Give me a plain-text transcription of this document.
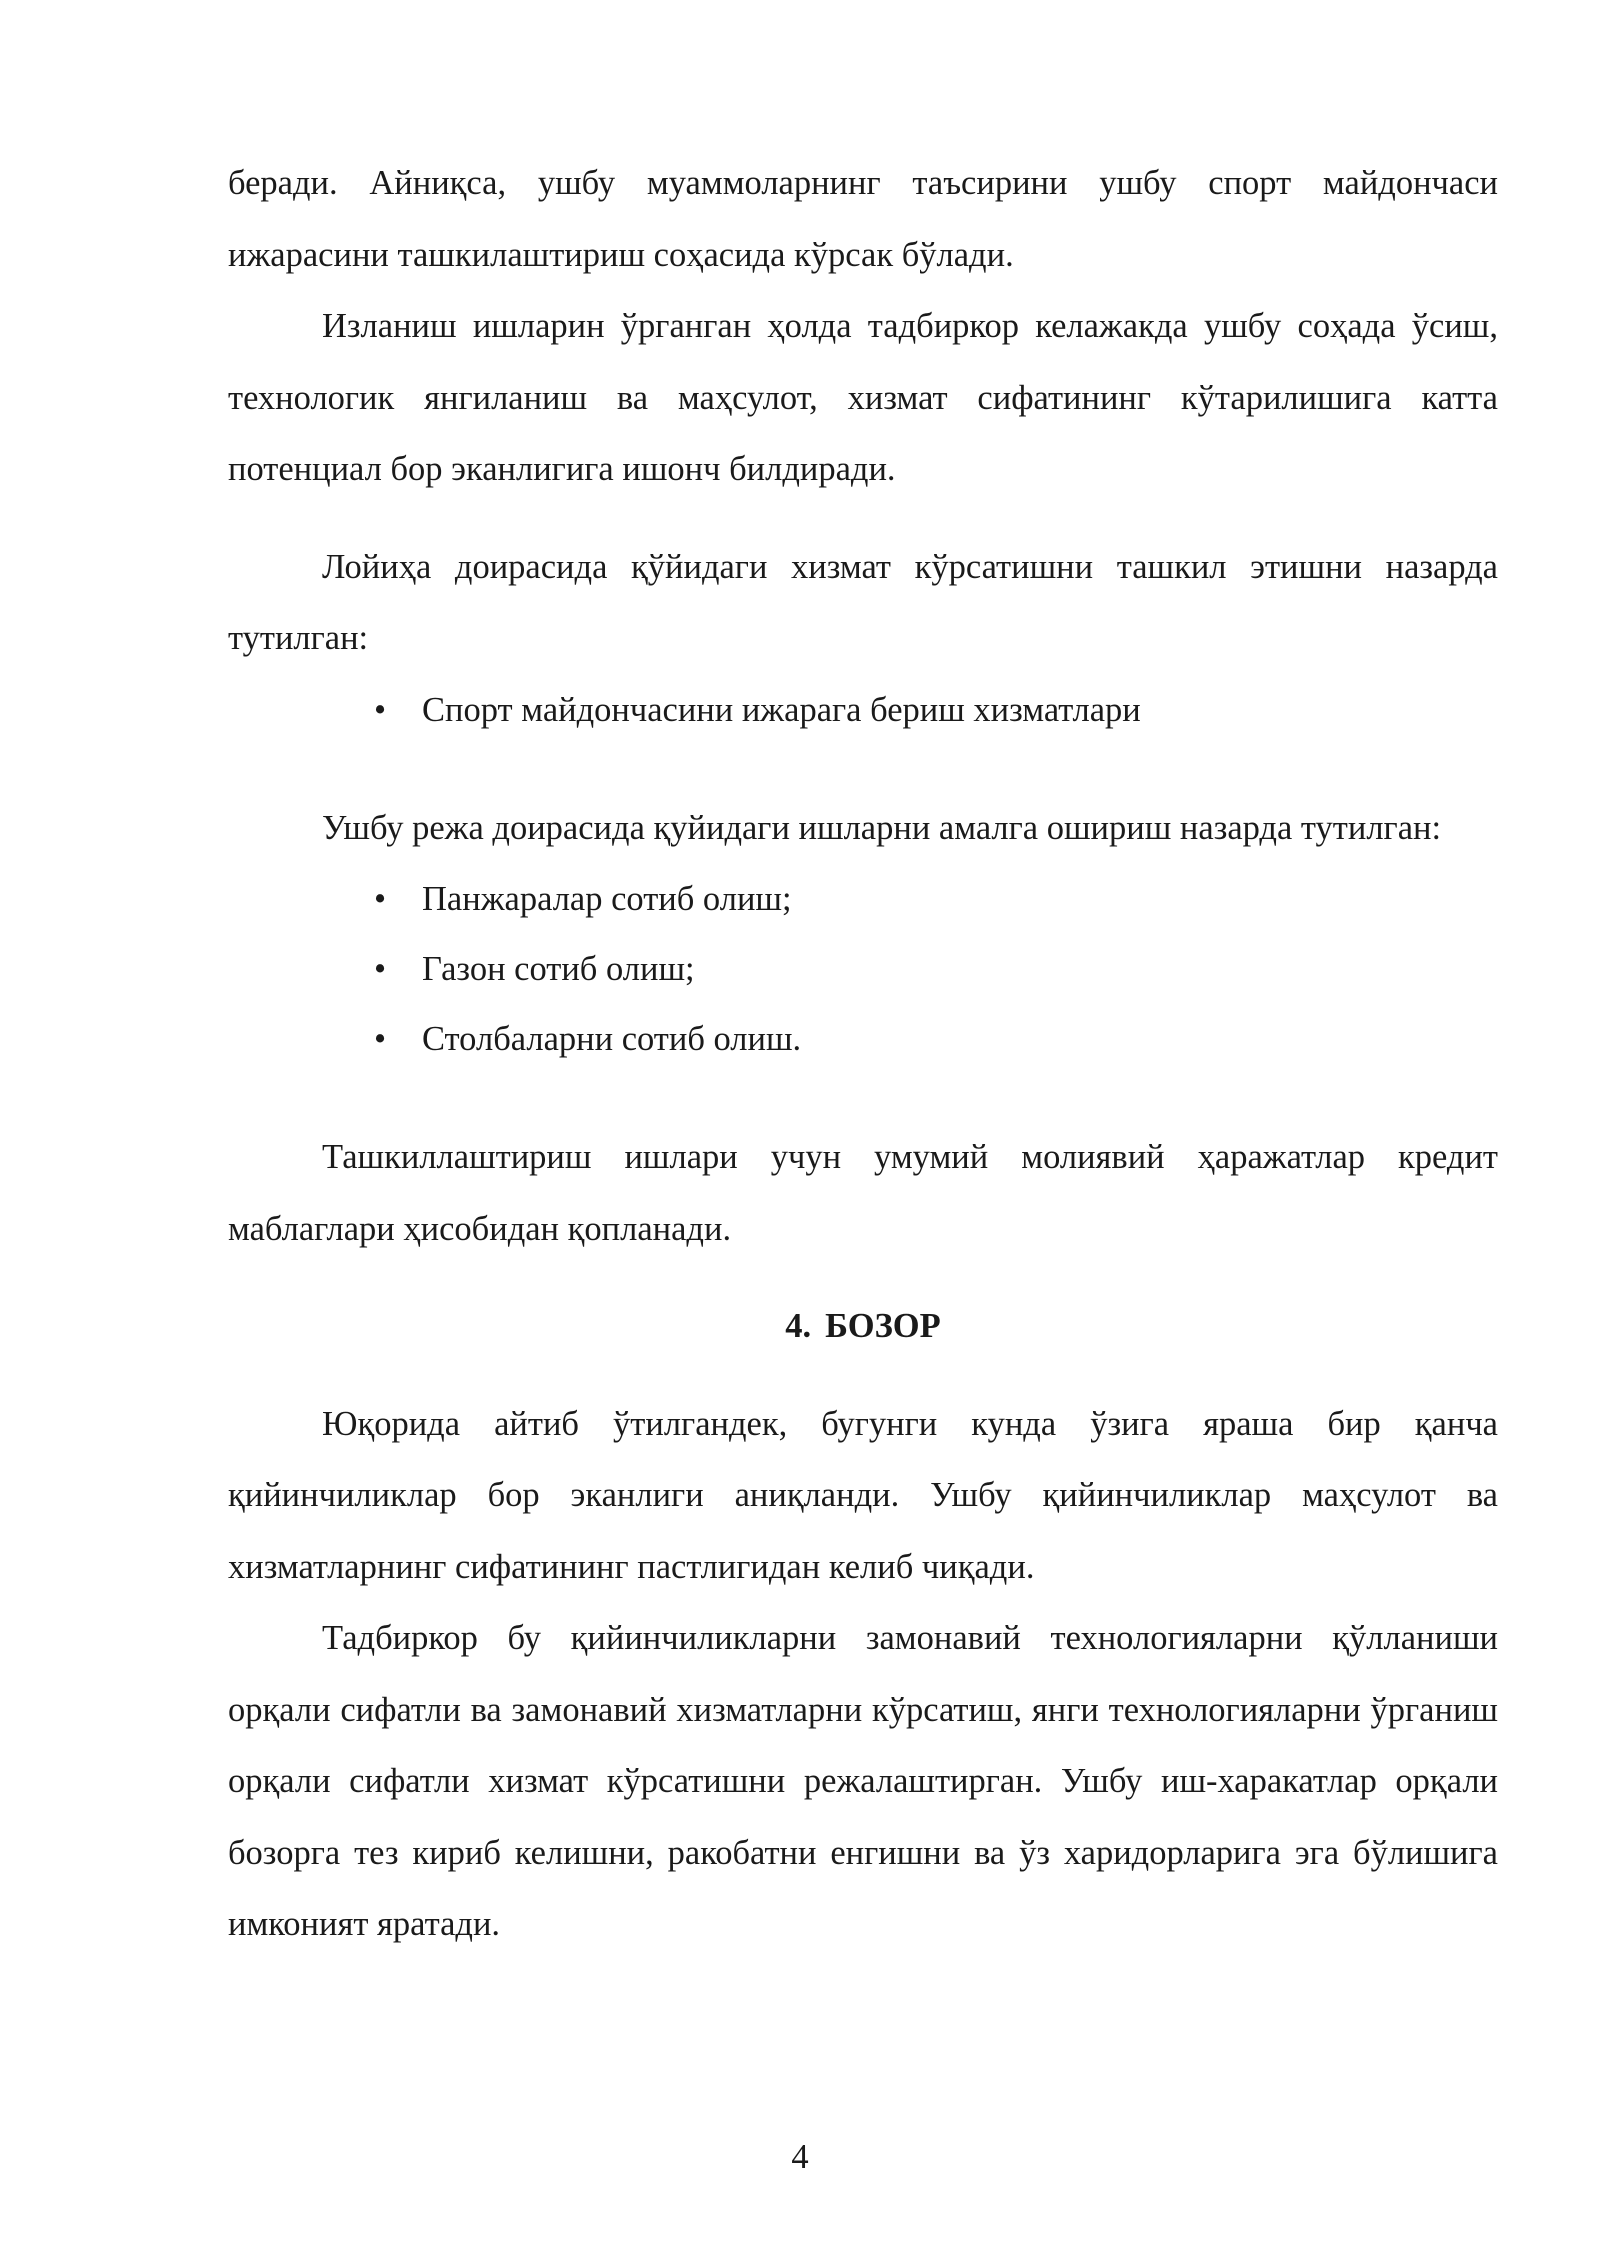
беради. Айниқса, ушбу муаммоларнинг таъсирини ушбу спорт майдончаси ижарасини ташкилаштириш соҳасида кўрсак бўлади.

Изланиш ишларин ўрганган ҳолда тадбиркор келажакда ушбу соҳада ўсиш, технологик янгиланиш ва маҳсулот, хизмат сифатининг кўтарилишига катта потенциал бор эканлигига ишонч билдиради.

Лойиҳа доирасида қўйидаги хизмат кўрсатишни ташкил этишни назарда тутилган:

• Спорт майдончасини ижарага бериш хизматлари

Ушбу режа доирасида қуйидаги ишларни амалга ошириш назарда тутилган:

• Панжаралар сотиб олиш;
• Газон сотиб олиш;
• Столбаларни сотиб олиш.

Ташкиллаштириш ишлари учун умумий молиявий ҳаражатлар кредит маблаглари ҳисобидан қопланади.

4. БОЗОР

Юқорида айтиб ўтилгандек, бугунги кунда ўзига яраша бир қанча қийинчиликлар бор эканлиги аниқланди. Ушбу қийинчиликлар маҳсулот ва хизматларнинг сифатининг пастлигидан келиб чиқади.

Тадбиркор бу қийинчиликларни замонавий технологияларни қўлланиши орқали сифатли ва замонавий хизматларни кўрсатиш, янги технологияларни ўрганиш орқали сифатли хизмат кўрсатишни режалаштирган. Ушбу иш-харакатлар орқали бозорга тез кириб келишни, ракобатни енгишни ва ўз харидорларига эга бўлишига имконият яратади.

4
